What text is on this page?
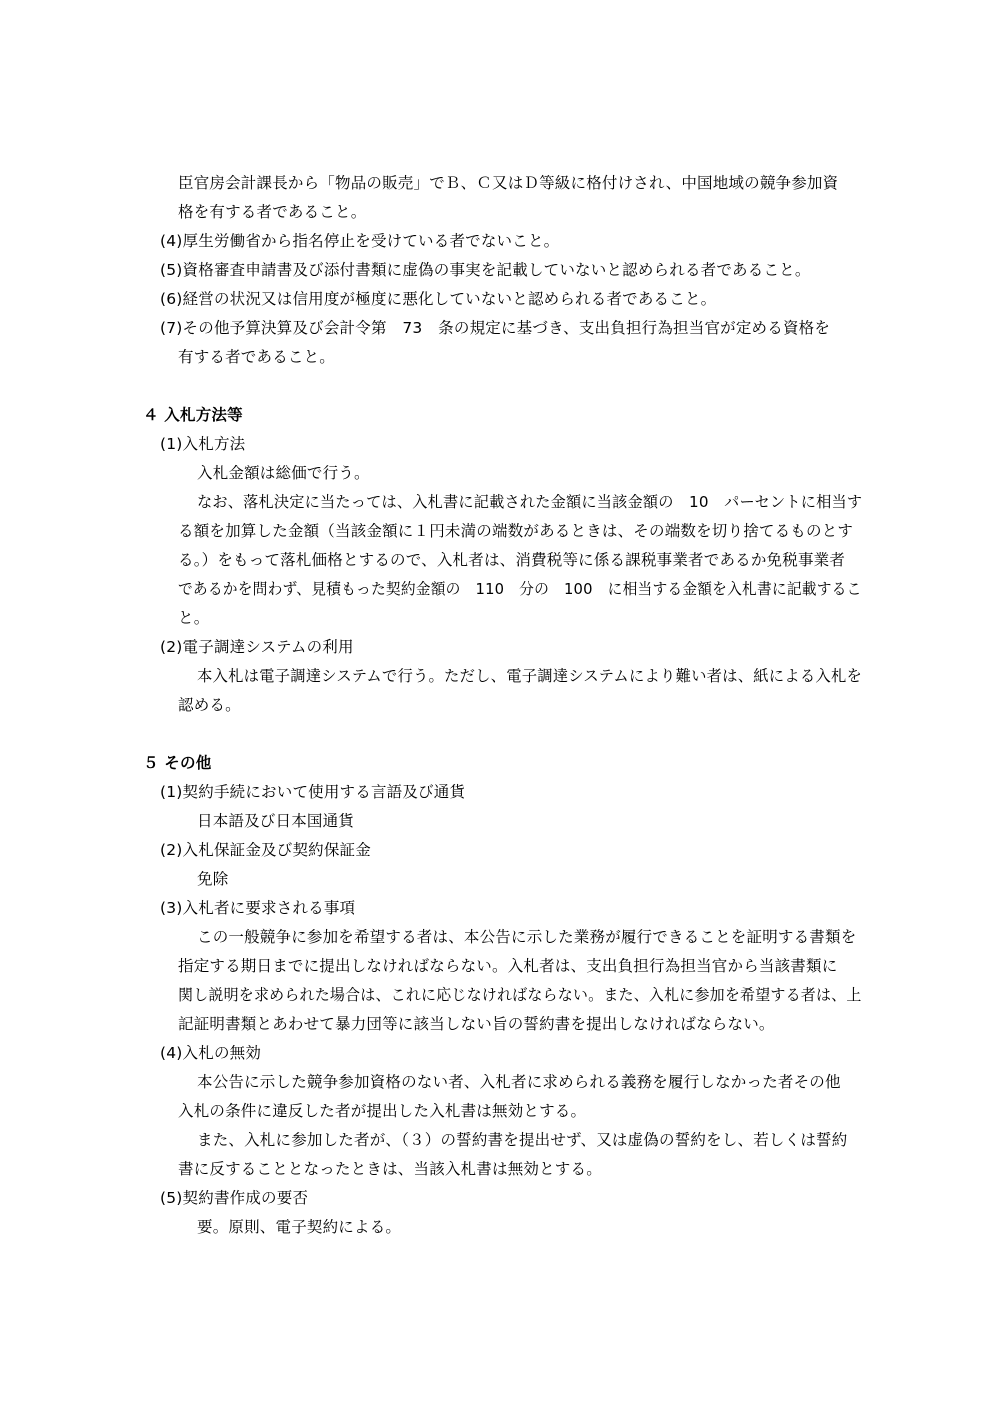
臣官房会計課長から「物品の販売」でＢ、Ｃ又はＤ等級に格付けされ、中国地域の競争参加資
格を有する者であること。
(4)厚生労働省から指名停止を受けている者でないこと。
(5)資格審査申請書及び添付書類に虚偽の事実を記載していないと認められる者であること。
(6)経営の状況又は信用度が極度に悪化していないと認められる者であること。
(7)その他予算決算及び会計令第　73　条の規定に基づき、支出負担行為担当官が定める資格を
有する者であること。
４ 入札方法等
(1)入札方法
入札金額は総価で行う。
なお、落札決定に当たっては、入札書に記載された金額に当該金額の　10　パーセントに相当す
る額を加算した金額（当該金額に１円未満の端数があるときは、その端数を切り捨てるものとす
る。）をもって落札価格とするので、入札者は、消費税等に係る課税事業者であるか免税事業者
であるかを問わず、見積もった契約金額の　110　分の　100　に相当する金額を入札書に記載するこ
と。
(2)電子調達システムの利用
本入札は電子調達システムで行う。ただし、電子調達システムにより難い者は、紙による入札を
認める。
５ その他
(1)契約手続において使用する言語及び通貨
日本語及び日本国通貨
(2)入札保証金及び契約保証金
免除
(3)入札者に要求される事項
この一般競争に参加を希望する者は、本公告に示した業務が履行できることを証明する書類を
指定する期日までに提出しなければならない。入札者は、支出負担行為担当官から当該書類に
関し説明を求められた場合は、これに応じなければならない。また、入札に参加を希望する者は、上
記証明書類とあわせて暴力団等に該当しない旨の誓約書を提出しなければならない。
(4)入札の無効
本公告に示した競争参加資格のない者、入札者に求められる義務を履行しなかった者その他
入札の条件に違反した者が提出した入札書は無効とする。
また、入札に参加した者が、（３）の誓約書を提出せず、又は虚偽の誓約をし、若しくは誓約
書に反することとなったときは、当該入札書は無効とする。
(5)契約書作成の要否
要。原則、電子契約による。
